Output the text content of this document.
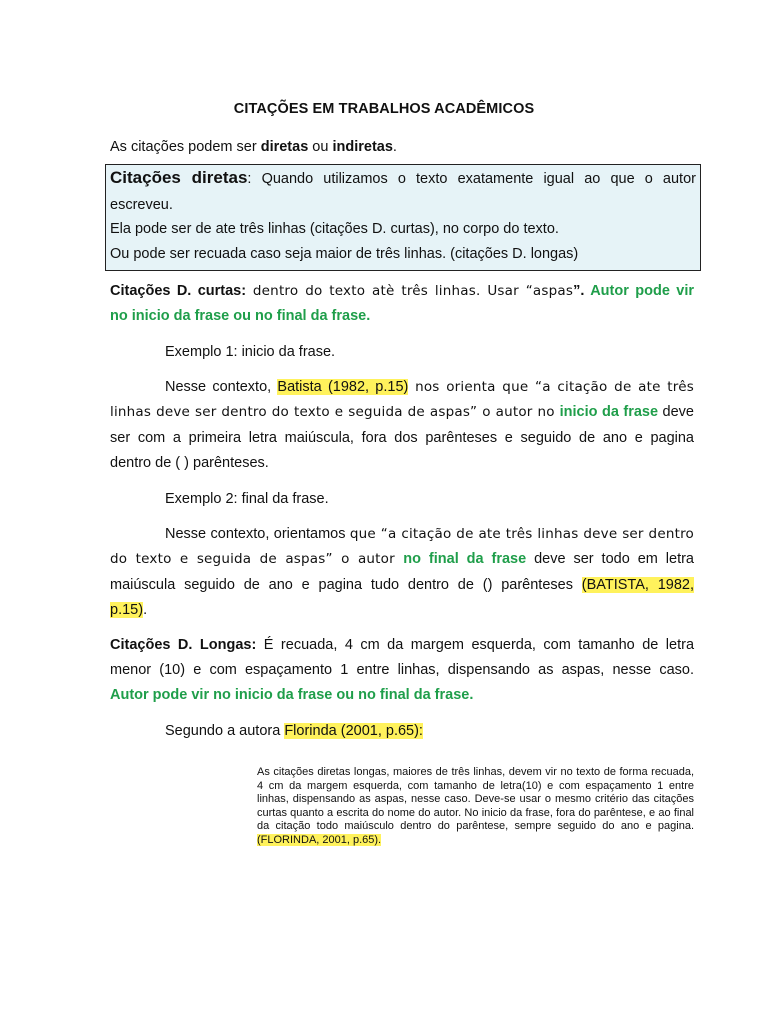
CITAÇÕES EM TRABALHOS ACADÊMICOS
As citações podem ser diretas ou indiretas.
Citações diretas: Quando utilizamos o texto exatamente igual ao que o autor
escreveu.
Ela pode ser de ate três linhas (citações D. curtas), no corpo do texto.
Ou pode ser recuada caso seja maior de três linhas. (citações D. longas)
Citações D. curtas: dentro do texto atè três linhas. Usar “aspas”. Autor pode vir
no inicio da frase ou no final da frase.
Exemplo 1: inicio da frase.
Nesse contexto, Batista (1982, p.15) nos orienta que “a citação de ate três
linhas deve ser dentro do texto e seguida de aspas” o autor no inicio da frase deve
ser com a primeira letra maiúscula, fora dos parênteses e seguido de ano e pagina
dentro de ( ) parênteses.
Exemplo 2: final da frase.
Nesse contexto, orientamos que “a citação de ate três linhas deve ser dentro
do texto e seguida de aspas” o autor no final da frase deve ser todo em letra
maiúscula seguido de ano e pagina tudo dentro de () parênteses (BATISTA, 1982,
p.15).
Citações D. Longas: É recuada, 4 cm da margem esquerda, com tamanho de letra
menor (10) e com espaçamento 1 entre linhas, dispensando as aspas, nesse caso.
Autor pode vir no inicio da frase ou no final da frase.
Segundo a autora Florinda (2001, p.65):
As citações diretas longas, maiores de três linhas, devem vir no texto de forma recuada, 4 cm da margem esquerda, com tamanho de letra(10) e com espaçamento 1 entre linhas, dispensando as aspas, nesse caso. Deve-se usar o mesmo critério das citações curtas quanto a escrita do nome do autor. No inicio da frase, fora do parêntese, e ao final da citação todo maiúsculo dentro do parêntese, sempre seguido do ano e pagina. (FLORINDA, 2001, p.65).
